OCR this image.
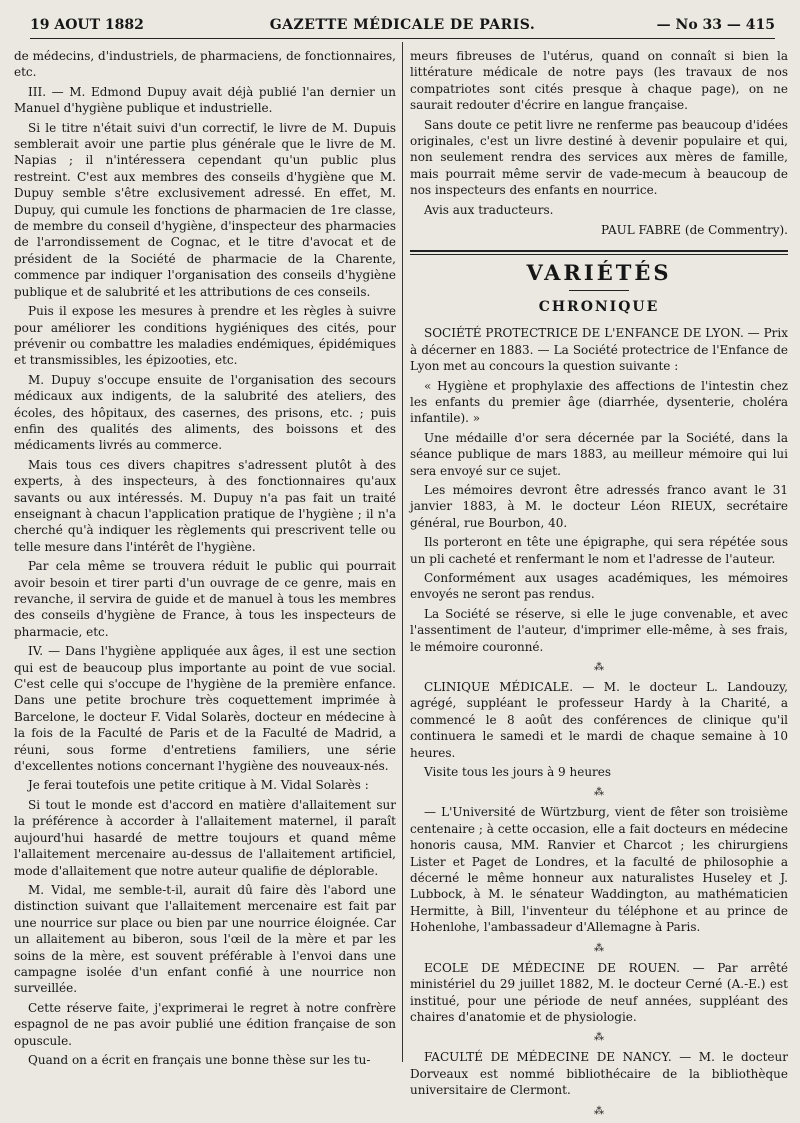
19 AOUT 1882	GAZETTE MÉDICALE DE PARIS.	— No 33 — 415

de médecins, d'industriels, de pharmaciens, de fonctionnaires, etc.

III. — M. Edmond Dupuy avait déjà publié l'an dernier un Manuel d'hygiène publique et industrielle.

Si le titre n'était suivi d'un correctif, le livre de M. Dupuis semblerait avoir une partie plus générale que le livre de M. Napias ; il n'intéressera cependant qu'un public plus restreint. C'est aux membres des conseils d'hygiène que M. Dupuy semble s'être exclusivement adressé. En effet, M. Dupuy, qui cumule les fonctions de pharmacien de 1re classe, de membre du conseil d'hygiène, d'inspecteur des pharmacies de l'arrondissement de Cognac, et le titre d'avocat et de président de la Société de pharmacie de la Charente, commence par indiquer l'organisation des conseils d'hygiène publique et de salubrité et les attributions de ces conseils.

Puis il expose les mesures à prendre et les règles à suivre pour améliorer les conditions hygiéniques des cités, pour prévenir ou combattre les maladies endémiques, épidémiques et transmissibles, les épizooties, etc.

M. Dupuy s'occupe ensuite de l'organisation des secours médicaux aux indigents, de la salubrité des ateliers, des écoles, des hôpitaux, des casernes, des prisons, etc. ; puis enfin des qualités des aliments, des boissons et des médicaments livrés au commerce.

Mais tous ces divers chapitres s'adressent plutôt à des experts, à des inspecteurs, à des fonctionnaires qu'aux savants ou aux intéressés. M. Dupuy n'a pas fait un traité enseignant à chacun l'application pratique de l'hygiène ; il n'a cherché qu'à indiquer les règlements qui prescrivent telle ou telle mesure dans l'intérêt de l'hygiène.

Par cela même se trouvera réduit le public qui pourrait avoir besoin et tirer parti d'un ouvrage de ce genre, mais en revanche, il servira de guide et de manuel à tous les membres des conseils d'hygiène de France, à tous les inspecteurs de pharmacie, etc.

IV. — Dans l'hygiène appliquée aux âges, il est une section qui est de beaucoup plus importante au point de vue social. C'est celle qui s'occupe de l'hygiène de la première enfance. Dans une petite brochure très coquettement imprimée à Barcelone, le docteur F. Vidal Solarès, docteur en médecine à la fois de la Faculté de Paris et de la Faculté de Madrid, a réuni, sous forme d'entretiens familiers, une série d'excellentes notions concernant l'hygiène des nouveaux-nés.

Je ferai toutefois une petite critique à M. Vidal Solarès :

Si tout le monde est d'accord en matière d'allaitement sur la préférence à accorder à l'allaitement maternel, il paraît aujourd'hui hasardé de mettre toujours et quand même l'allaitement mercenaire au-dessus de l'allaitement artificiel, mode d'allaitement que notre auteur qualifie de déplorable.

M. Vidal, me semble-t-il, aurait dû faire dès l'abord une distinction suivant que l'allaitement mercenaire est fait par une nourrice sur place ou bien par une nourrice éloignée. Car un allaitement au biberon, sous l'œil de la mère et par les soins de la mère, est souvent préférable à l'envoi dans une campagne isolée d'un enfant confié à une nourrice non surveillée.

Cette réserve faite, j'exprimerai le regret à notre confrère espagnol de ne pas avoir publié une édition française de son opuscule.

Quand on a écrit en français une bonne thèse sur les tu-

meurs fibreuses de l'utérus, quand on connaît si bien la littérature médicale de notre pays (les travaux de nos compatriotes sont cités presque à chaque page), on ne saurait redouter d'écrire en langue française.

Sans doute ce petit livre ne renferme pas beaucoup d'idées originales, c'est un livre destiné à devenir populaire et qui, non seulement rendra des services aux mères de famille, mais pourrait même servir de vade-mecum à beaucoup de nos inspecteurs des enfants en nourrice.

Avis aux traducteurs.

PAUL FABRE (de Commentry).

VARIÉTÉS
CHRONIQUE

SOCIÉTÉ PROTECTRICE DE L'ENFANCE DE LYON. — Prix à décerner en 1883. — La Société protectrice de l'Enfance de Lyon met au concours la question suivante :

« Hygiène et prophylaxie des affections de l'intestin chez les enfants du premier âge (diarrhée, dysenterie, choléra infantile). »

Une médaille d'or sera décernée par la Société, dans la séance publique de mars 1883, au meilleur mémoire qui lui sera envoyé sur ce sujet.

Les mémoires devront être adressés franco avant le 31 janvier 1883, à M. le docteur Léon RIEUX, secrétaire général, rue Bourbon, 40.

Ils porteront en tête une épigraphe, qui sera répétée sous un pli cacheté et renfermant le nom et l'adresse de l'auteur.

Conformément aux usages académiques, les mémoires envoyés ne seront pas rendus.

La Société se réserve, si elle le juge convenable, et avec l'assentiment de l'auteur, d'imprimer elle-même, à ses frais, le mémoire couronné.

⁂

CLINIQUE MÉDICALE. — M. le docteur L. Landouzy, agrégé, suppléant le professeur Hardy à la Charité, a commencé le 8 août des conférences de clinique qu'il continuera le samedi et le mardi de chaque semaine à 10 heures.

Visite tous les jours à 9 heures

⁂

— L'Université de Würtzburg, vient de fêter son troisième centenaire ; à cette occasion, elle a fait docteurs en médecine honoris causa, MM. Ranvier et Charcot ; les chirurgiens Lister et Paget de Londres, et la faculté de philosophie a décerné le même honneur aux naturalistes Huseley et J. Lubbock, à M. le sénateur Waddington, au mathématicien Hermitte, à Bill, l'inventeur du téléphone et au prince de Hohenlohe, l'ambassadeur d'Allemagne à Paris.

⁂

ECOLE DE MÉDECINE DE ROUEN. — Par arrêté ministériel du 29 juillet 1882, M. le docteur Cerné (A.-E.) est institué, pour une période de neuf années, suppléant des chaires d'anatomie et de physiologie.

⁂

FACULTÉ DE MÉDECINE DE NANCY. — M. le docteur Dorveaux est nommé bibliothécaire de la bibliothèque universitaire de Clermont.

⁂
